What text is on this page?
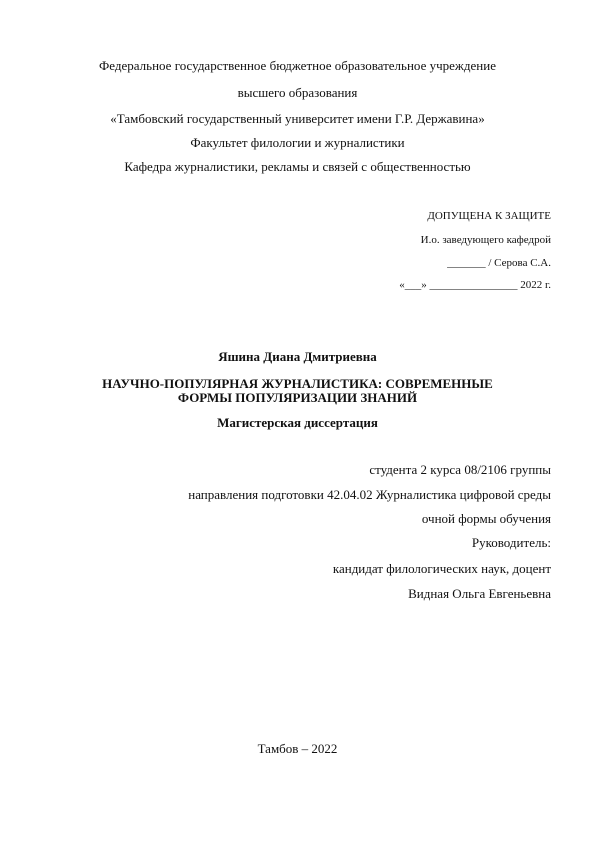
Федеральное государственное бюджетное образовательное учреждение
высшего образования
«Тамбовский государственный университет имени Г.Р. Державина»
Факультет филологии и журналистики
Кафедра журналистики, рекламы и связей с общественностью
ДОПУЩЕНА К ЗАЩИТЕ
И.о. заведующего кафедрой
_______ / Серова С.А.
«___» ________________ 2022 г.
Яшина Диана Дмитриевна
НАУЧНО-ПОПУЛЯРНАЯ ЖУРНАЛИСТИКА: СОВРЕМЕННЫЕ
ФОРМЫ ПОПУЛЯРИЗАЦИИ ЗНАНИЙ
Магистерская диссертация
студента 2 курса 08/2106 группы
направления подготовки 42.04.02 Журналистика цифровой среды
очной формы обучения
Руководитель:
кандидат филологических наук, доцент
Видная Ольга Евгеньевна
Тамбов – 2022
